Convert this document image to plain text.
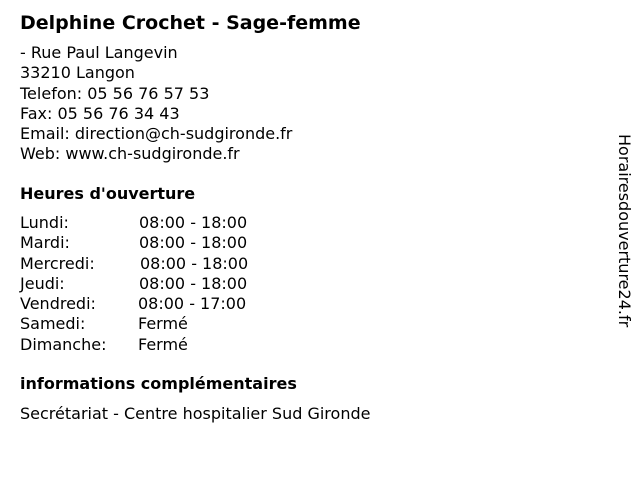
Delphine Crochet - Sage-femme
- Rue Paul Langevin
33210 Langon
Telefon: 05 56 76 57 53
Fax: 05 56 76 34 43
Email: direction@ch-sudgironde.fr
Web: www.ch-sudgironde.fr
Heures d'ouverture
Lundi:	08:00 - 18:00
Mardi:	08:00 - 18:00
Mercredi:	08:00 - 18:00
Jeudi:	08:00 - 18:00
Vendredi:	08:00 - 17:00
Samedi:	Fermé
Dimanche: Fermé
informations complémentaires
Secrétariat - Centre hospitalier Sud Gironde
Horairesdouverture24.fr
